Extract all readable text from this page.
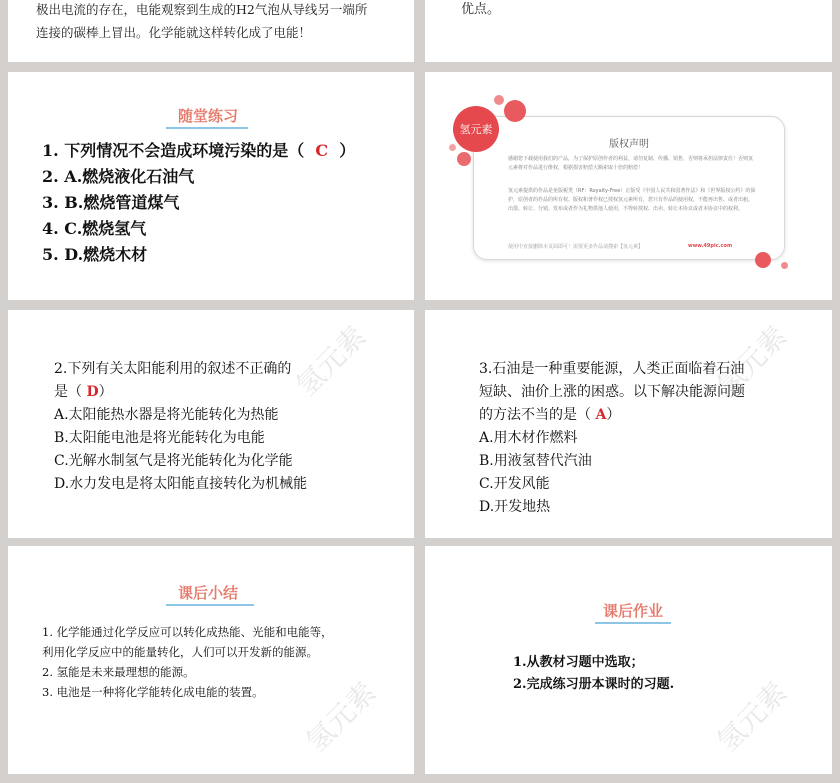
极出电流的存在，电能观察到生成的H2气泡从导线另一端所
连接的碳棒上冒出。化学能就这样转化成了电能！
优点。
随堂练习
1. 下列情况不会造成环境污染的是（ C ）
2. A.燃烧液化石油气
3. B.燃烧管道煤气
4. C.燃烧氢气
5. D.燃烧木材
版权声明
感谢您下载使用我们的产品，为了保护原创作者的利益，请勿复制、传播、销售，否则将承担法律责任！否则氢元素将对作品进行维权，根据损害赔偿大额索取十倍的赔偿！
氢元素提供的作品是免版税类（RF：Royalty-Free）正版受《中国人民共和国著作法》和《世界版权公约》的保护，原创者的作品的所有权、版权和著作权已授权氢元素所有，您只有作品的使用权，不能再出售、或者出租、出借、转让、分销、发布或者作为礼物供他人使用，不得转授权、出卖、转让本协议或者本协议中的权利。
使用中直接删除本页面即可！需要更多作品请搜索【氢元素】	www.49pic.com
氢元素
氢元素
2.下列有关太阳能利用的叙述不正确的
是（ D）
A.太阳能热水器是将光能转化为热能
B.太阳能电池是将光能转化为电能
C.光解水制氢气是将光能转化为化学能
D.水力发电是将太阳能直接转化为机械能
氢元素
3.石油是一种重要能源，人类正面临着石油
短缺、油价上涨的困惑。以下解决能源问题
的方法不当的是（ A）
A.用木材作燃料
B.用液氢替代汽油
C.开发风能
D.开发地热
氢元素
课后小结
1. 化学能通过化学反应可以转化成热能、光能和电能等，
利用化学反应中的能量转化，人们可以开发新的能源。
2. 氢能是未来最理想的能源。
3. 电池是一种将化学能转化成电能的装置。	氢元素
课后作业
1.从教材习题中选取；
2.完成练习册本课时的习题.
